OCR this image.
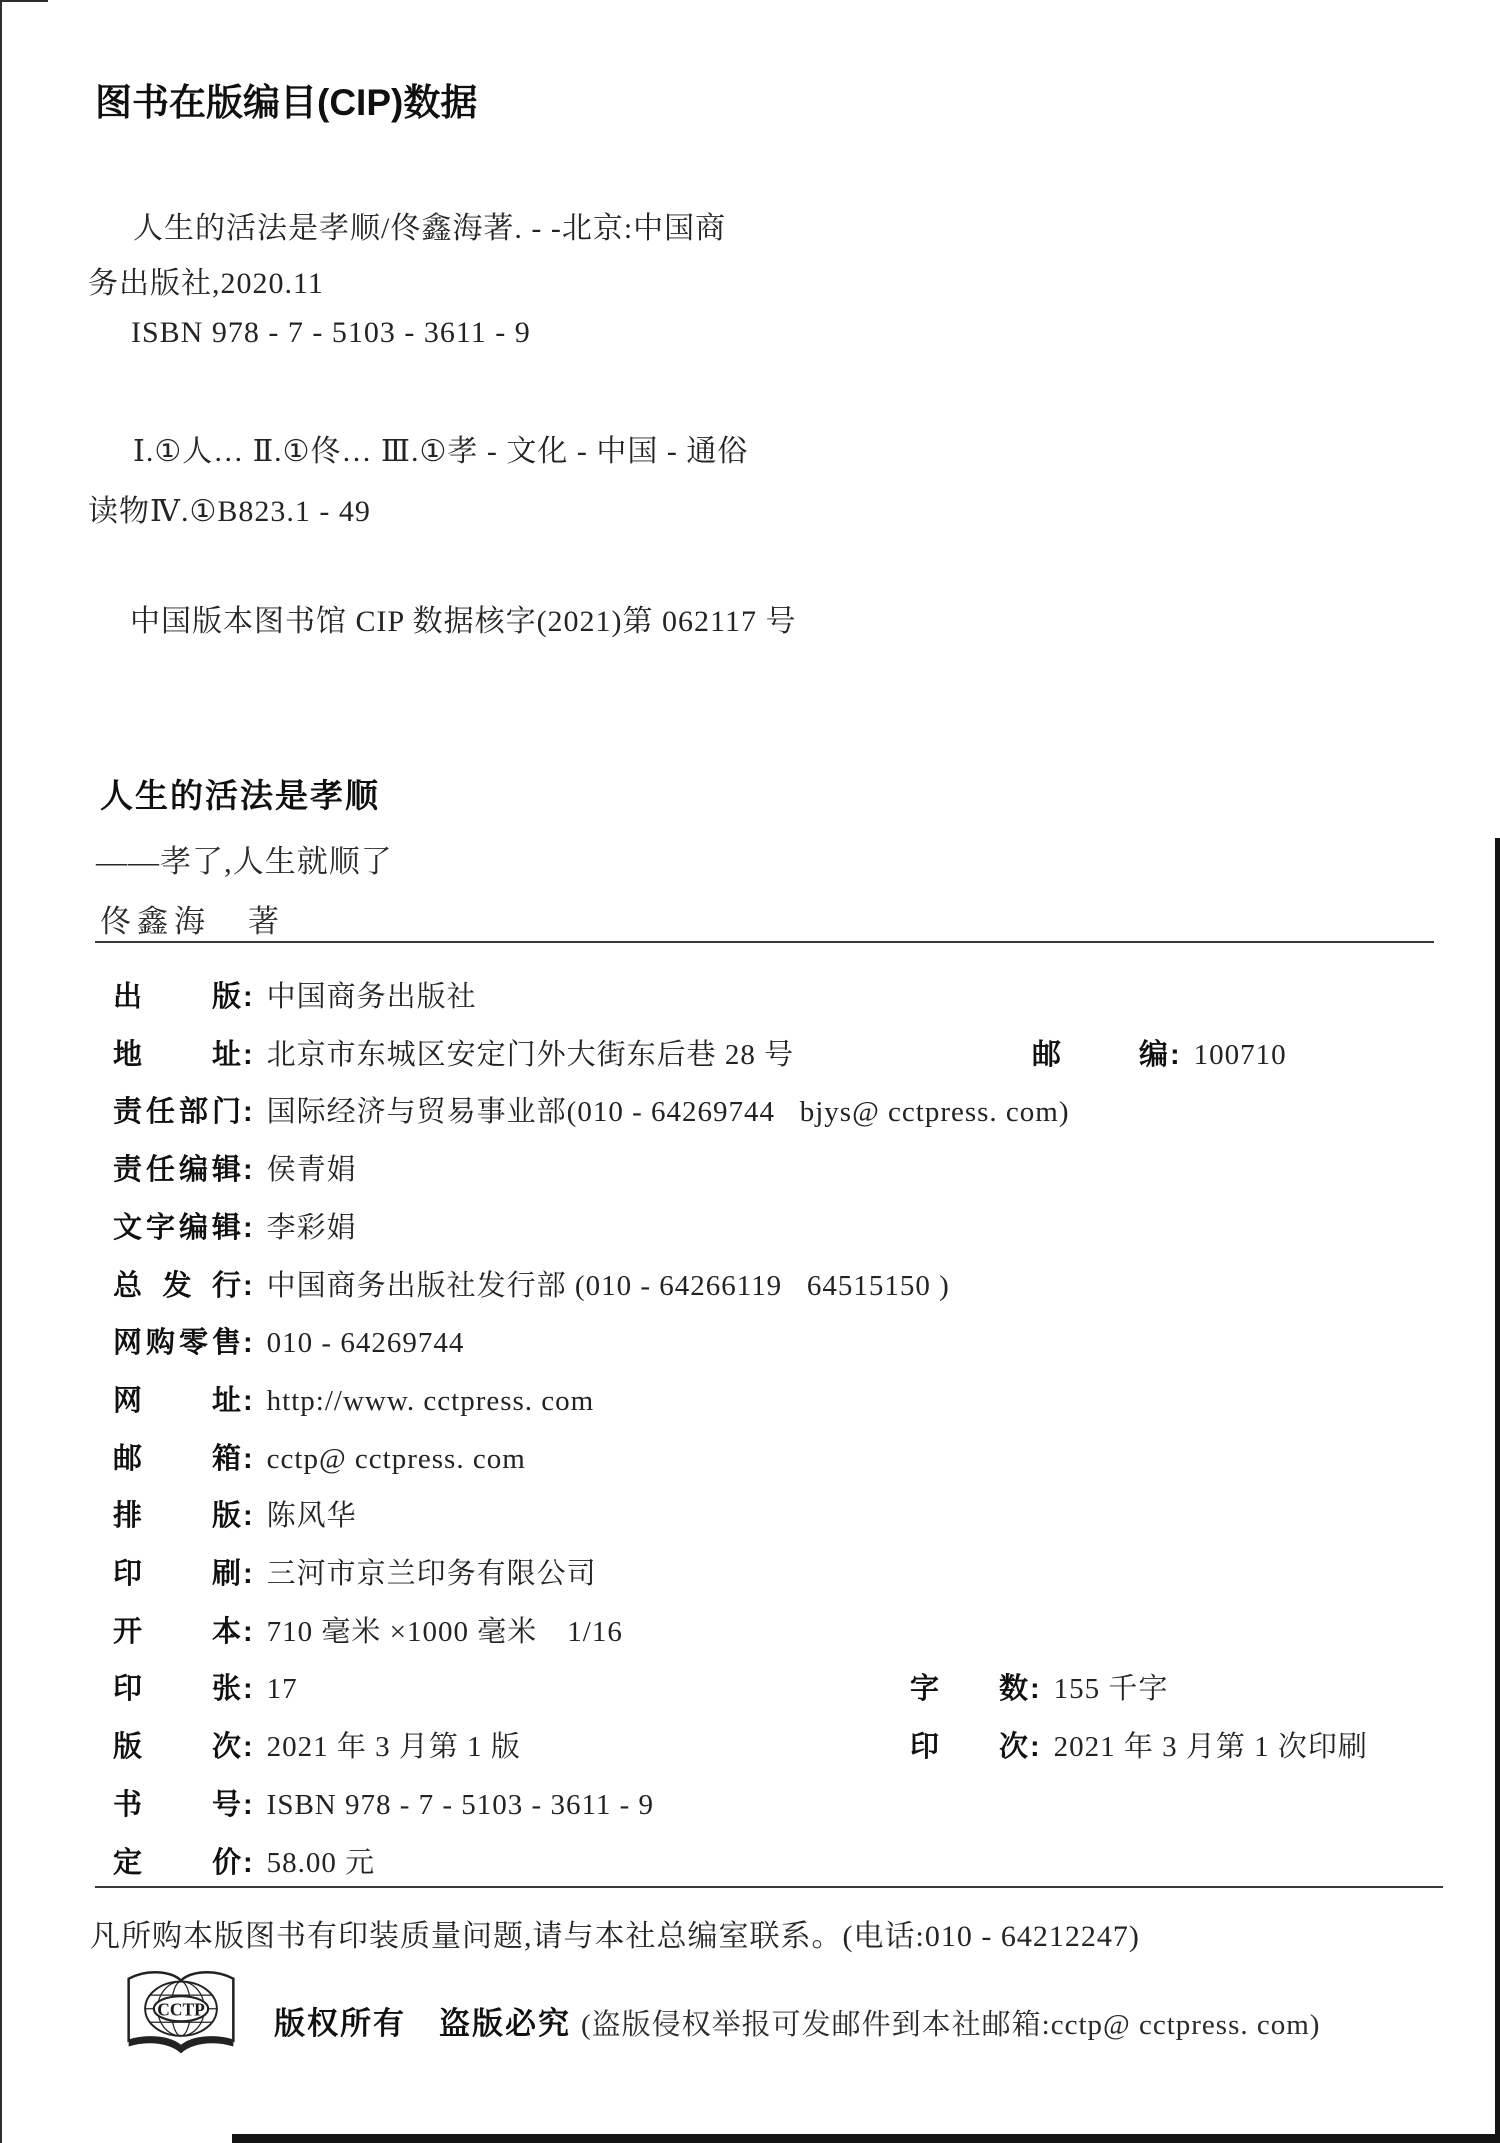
图书在版编目(CIP)数据
人生的活法是孝顺/佟鑫海著. - -北京:中国商
务出版社,2020.11
ISBN 978 - 7 - 5103 - 3611 - 9
Ⅰ.①人… Ⅱ.①佟… Ⅲ.①孝 - 文化 - 中国 - 通俗
读物Ⅳ.①B823.1 - 49
中国版本图书馆 CIP 数据核字(2021)第 062117 号
人生的活法是孝顺
——孝了,人生就顺了
佟鑫海　著
出版: 中国商务出版社
地址: 北京市东城区安定门外大街东后巷 28 号	邮编: 100710
责任部门: 国际经济与贸易事业部(010 - 64269744   bjys@ cctpress. com)
责任编辑: 侯青娟
文字编辑: 李彩娟
总发行: 中国商务出版社发行部 (010 - 64266119   64515150 )
网购零售: 010 - 64269744
网址: http://www. cctpress. com
邮箱: cctp@ cctpress. com
排版: 陈风华
印刷: 三河市京兰印务有限公司
开本: 710 毫米 ×1000 毫米　1/16
印张: 17	字数: 155 千字
版次: 2021 年 3 月第 1 版	印次: 2021 年 3 月第 1 次印刷
书号: ISBN 978 - 7 - 5103 - 3611 - 9
定价: 58.00 元
凡所购本版图书有印装质量问题,请与本社总编室联系。(电话:010 - 64212247)
CCTP 版权所有　盗版必究 (盗版侵权举报可发邮件到本社邮箱:cctp@ cctpress. com)
